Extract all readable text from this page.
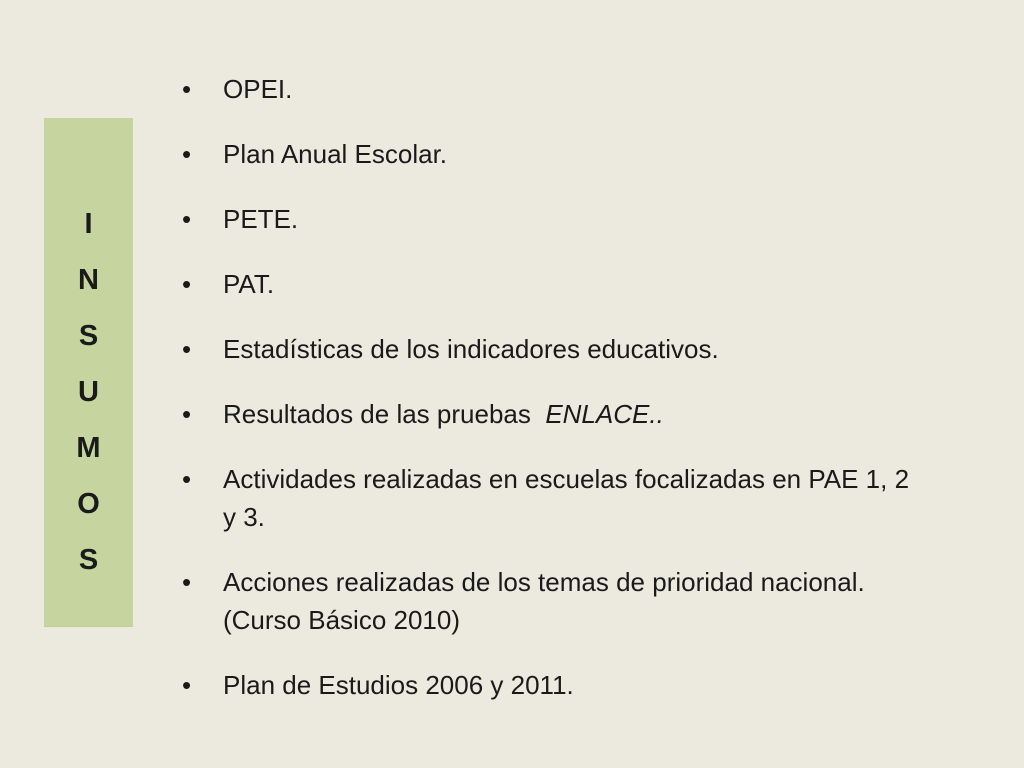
I
N
S
U
M
O
S
• OPEI.
• Plan Anual Escolar.
• PETE.
• PAT.
• Estadísticas de los indicadores educativos.
• Resultados de las pruebas  ENLACE..
• Actividades realizadas en escuelas focalizadas en PAE 1, 2 y 3.
• Acciones realizadas de los temas de prioridad nacional. (Curso Básico 2010)
• Plan de Estudios 2006 y 2011.
